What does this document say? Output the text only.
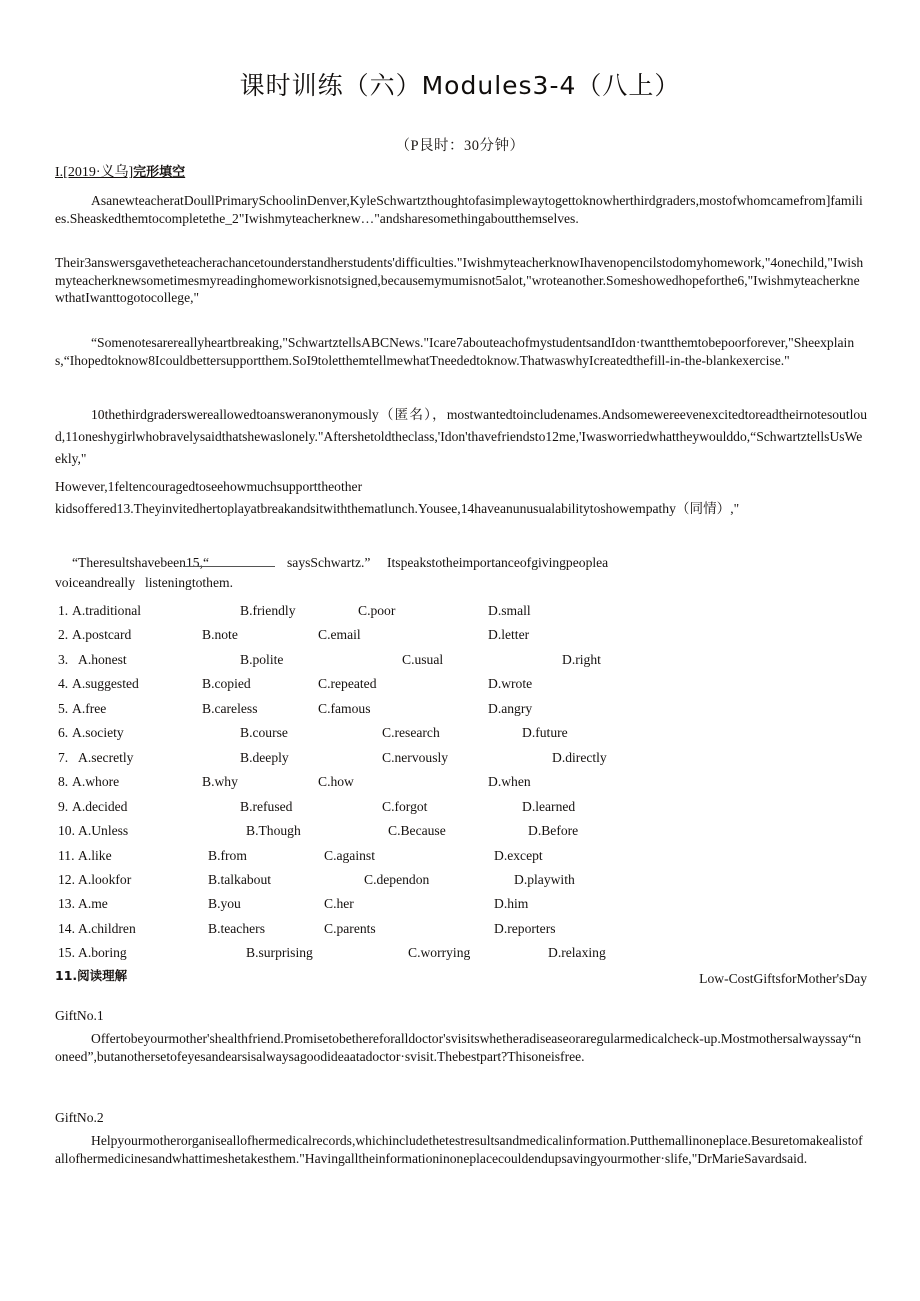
课时训练（六）Modules3-4（八上）
（P艮时：30分钟）
I.[2019·义乌]完形填空
AsanewteacheratDoullPrimarySchoolinDenver,KyleSchwartzthoughtofasimplewaytogettoknowherthirdgraders,mostofwhomcamefrom]families.Sheaskedthemtocompletethe_2"Iwishmyteacherknew…"andsharesomethingaboutthemselves.
Their3answersgavetheteacherachancetounderstandherstudents'difficulties."IwishmyteacherknowIhavenopencilstodomyhomework,"4onechild,"Iwishmyteacherknewsometimesmyreadinghomeworkisnotsigned,becausemymumisnot5alot,"wroteanother.Someshowedhopeforthe6,"IwishmyteacherknewthatIwanttogotocollege,"
“Somenotesarereallyheartbreaking,"SchwartztellsABCNews."Icare7abouteachofmystudentsandIdon·twantthemtobepoorforever,"Sheexplains,“Ihopedtoknow8Icouldbettersupportthem.SoI9toletthemtellmewhatTneededtoknow.ThatwaswhyIcreatedthefill-in-the-blankexercise."
10thethirdgraderswereallowedtoansweranonymously（匿名），mostwantedtoincludenames.Andsomewereevenexcitedtoreadtheirnotesoutloud,11oneshygirlwhobravelysaidthatshewaslonely."Aftershetoldtheclass,'Idon'thavefriendsto12me,'Iwasworriedwhattheywoulddo,“SchwartztellsUsWeekly,"
However,1feltencouragedtoseehowmuchsupporttheother
kidsoffered13.Theyinvitedhertoplayatbreakandsitwiththematlunch.Yousee,14haveanunusualabilitytoshowempathy（同情）,"
“Theresultshavebeen15,“	saysSchwartz.” Itspeakstotheimportanceofgivingpeoplea
voiceandreally listeningtothem.
1. A.traditional	B.friendly	C.poor	D.small
2. A.postcard	B.note	C.email	D.letter
3. A.honest	B.polite	C.usual	D.right
4. A.suggested	B.copied	C.repeated	D.wrote
5. A.free	B.careless	C.famous	D.angry
6. A.society	B.course	C.research	D.future
7. A.secretly	B.deeply	C.nervously	D.directly
8. A.whore	B.why	C.how	D.when
9. A.decided	B.refused	C.forgot	D.learned
10. A.Unless	B.Though	C.Because	D.Before
11. A.like	B.from	C.against	D.except
12. A.lookfor	B.talkabout	C.dependon	D.playwith
13. A.me	B.you	C.her	D.him
14. A.children	B.teachers	C.parents	D.reporters
15. A.boring	B.surprising	C.worrying	D.relaxing
11.阅读理解	Low-CostGiftsforMother'sDay
GiftNo.1
Offertobeyourmother'shealthfriend.Promisetobethereforalldoctor'svisitswhetheradiseaseoraregularmedicalcheck-up.Mostmothersalwayssay“noneed”,butanothersetofeyesandearsisalwaysagoodideaatadoctor·svisit.Thebestpart?Thisoneisfree.
GiftNo.2
Helpyourmotherorganiseallofhermedicalrecords,whichincludethetestresultsandmedicalinformation.Putthemallinoneplace.Besuretomakealistofallofhermedicinesandwhattimeshetakesthem."Havingalltheinformationinoneplacecouldendupsavingyourmother·slife,"DrMarieSavardsaid.
